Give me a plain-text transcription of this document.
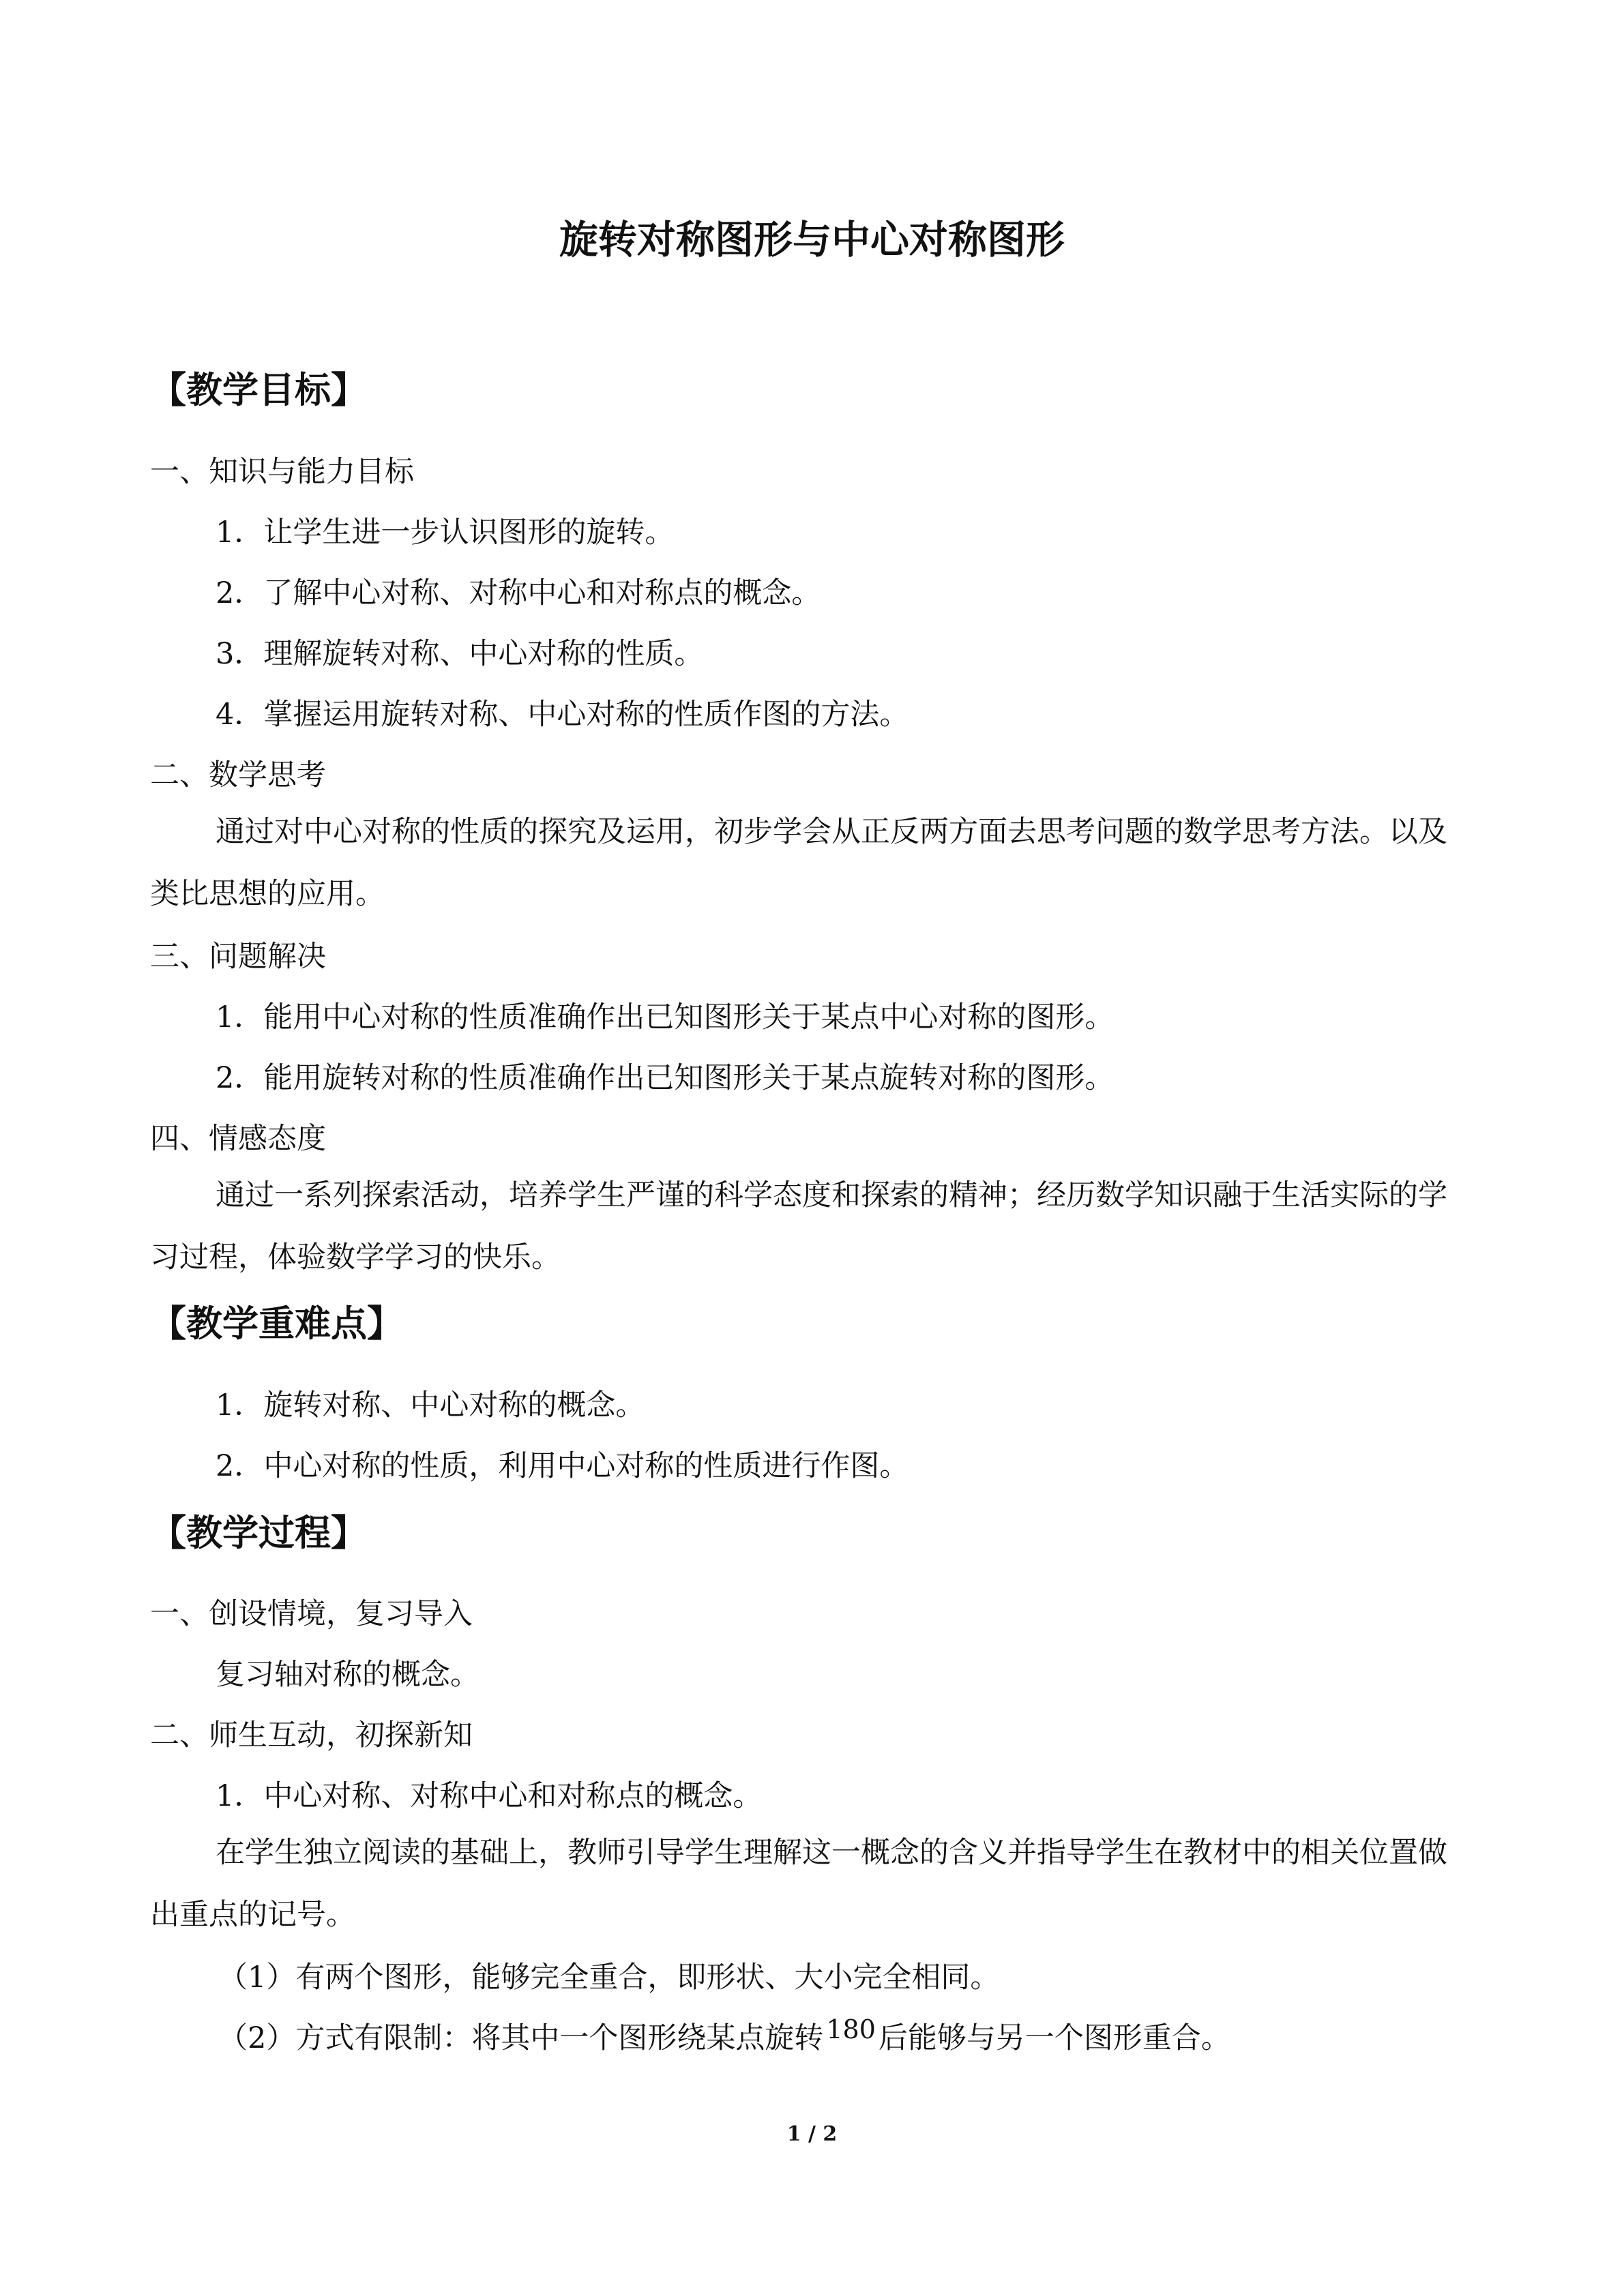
旋转对称图形与中心对称图形
【教学目标】
一、知识与能力目标
1．让学生进一步认识图形的旋转。
2．了解中心对称、对称中心和对称点的概念。
3．理解旋转对称、中心对称的性质。
4．掌握运用旋转对称、中心对称的性质作图的方法。
二、数学思考
通过对中心对称的性质的探究及运用，初步学会从正反两方面去思考问题的数学思考方法。以及类比思想的应用。
三、问题解决
1．能用中心对称的性质准确作出已知图形关于某点中心对称的图形。
2．能用旋转对称的性质准确作出已知图形关于某点旋转对称的图形。
四、情感态度
通过一系列探索活动，培养学生严谨的科学态度和探索的精神；经历数学知识融于生活实际的学习过程，体验数学学习的快乐。
【教学重难点】
1．旋转对称、中心对称的概念。
2．中心对称的性质，利用中心对称的性质进行作图。
【教学过程】
一、创设情境，复习导入
复习轴对称的概念。
二、师生互动，初探新知
1．中心对称、对称中心和对称点的概念。
在学生独立阅读的基础上，教师引导学生理解这一概念的含义并指导学生在教材中的相关位置做出重点的记号。
（1）有两个图形，能够完全重合，即形状、大小完全相同。
（2）方式有限制：将其中一个图形绕某点旋转 180后能够与另一个图形重合。
1 / 2
